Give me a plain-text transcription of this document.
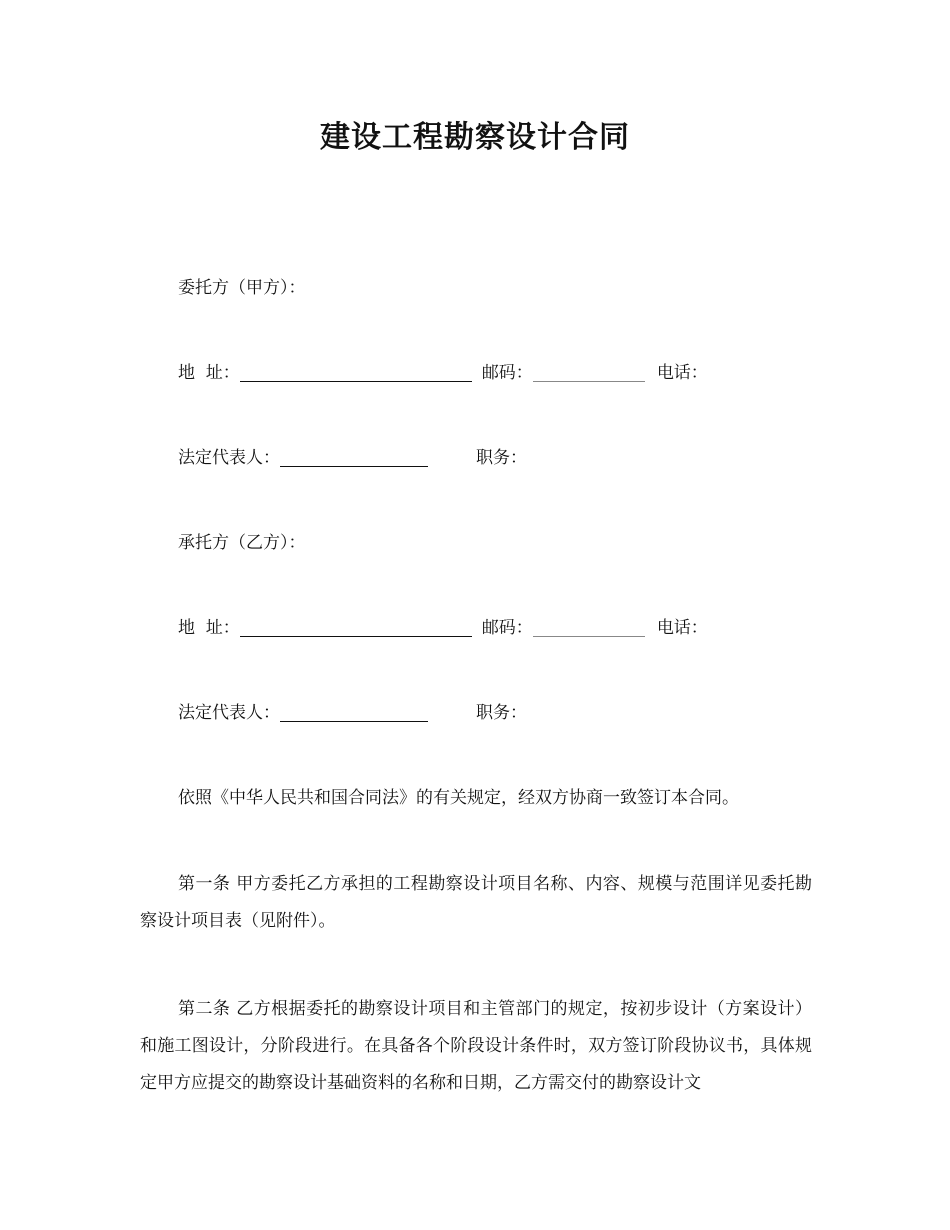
建设工程勘察设计合同
委托方（甲方）：
地  址：	邮码：	电话：
法定代表人：	职务：
承托方（乙方）：
地  址：	邮码：	电话：
法定代表人：	职务：
依照《中华人民共和国合同法》的有关规定，经双方协商一致签订本合同。
第一条 甲方委托乙方承担的工程勘察设计项目名称、内容、规模与范围详见委托勘察设计项目表（见附件）。
第二条 乙方根据委托的勘察设计项目和主管部门的规定，按初步设计（方案设计）和施工图设计，分阶段进行。在具备各个阶段设计条件时，双方签订阶段协议书，具体规定甲方应提交的勘察设计基础资料的名称和日期，乙方需交付的勘察设计文
